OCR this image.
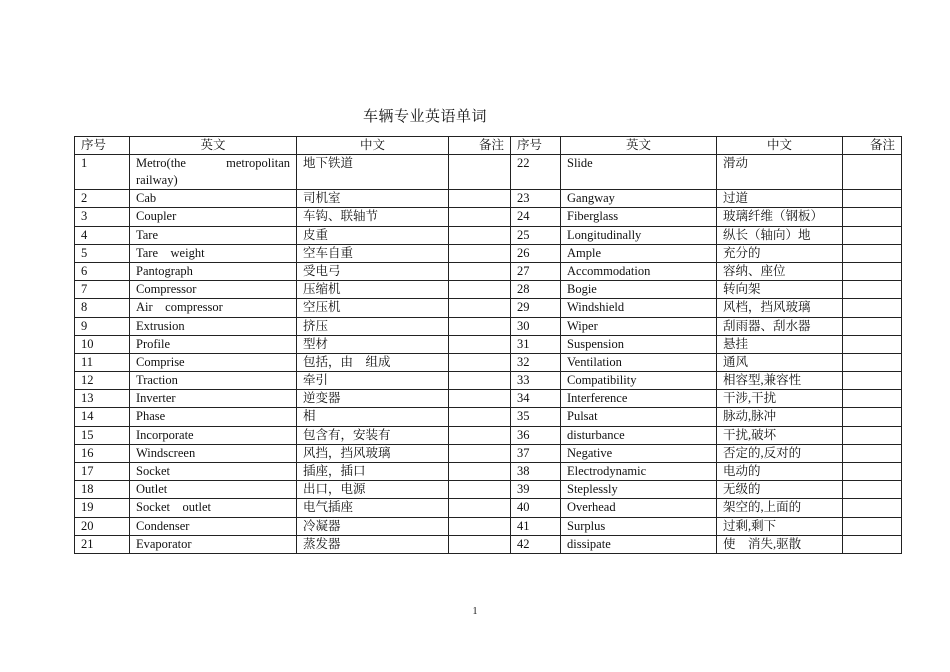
车辆专业英语单词
序号	英文	中文	备注	序号	英文	中文	备注
1	Metro(the metropolitan railway)	地下铁道		22	Slide	滑动	
2	Cab	司机室		23	Gangway	过道	
3	Coupler	车钩、联轴节		24	Fiberglass	玻璃纤维（钢板）	
4	Tare	皮重		25	Longitudinally	纵长（轴向）地	
5	Tare    weight	空车自重		26	Ample	充分的	
6	Pantograph	受电弓		27	Accommodation	容纳、座位	
7	Compressor	压缩机		28	Bogie	转向架	
8	Air    compressor	空压机		29	Windshield	风档，挡风玻璃	
9	Extrusion	挤压		30	Wiper	刮雨器、刮水器	
10	Profile	型材		31	Suspension	悬挂	
11	Comprise	包括，由    组成		32	Ventilation	通风	
12	Traction	牵引		33	Compatibility	相容型,兼容性	
13	Inverter	逆变器		34	Interference	干涉,干扰	
14	Phase	相		35	Pulsat	脉动,脉冲	
15	Incorporate	包含有，安装有		36	disturbance	干扰,破坏	
16	Windscreen	风挡，挡风玻璃		37	Negative	否定的,反对的	
17	Socket	插座，插口		38	Electrodynamic	电动的	
18	Outlet	出口，电源		39	Steplessly	无级的	
19	Socket    outlet	电气插座		40	Overhead	架空的,上面的	
20	Condenser	冷凝器		41	Surplus	过剩,剩下	
21	Evaporator	蒸发器		42	dissipate	使    消失,驱散	
1
